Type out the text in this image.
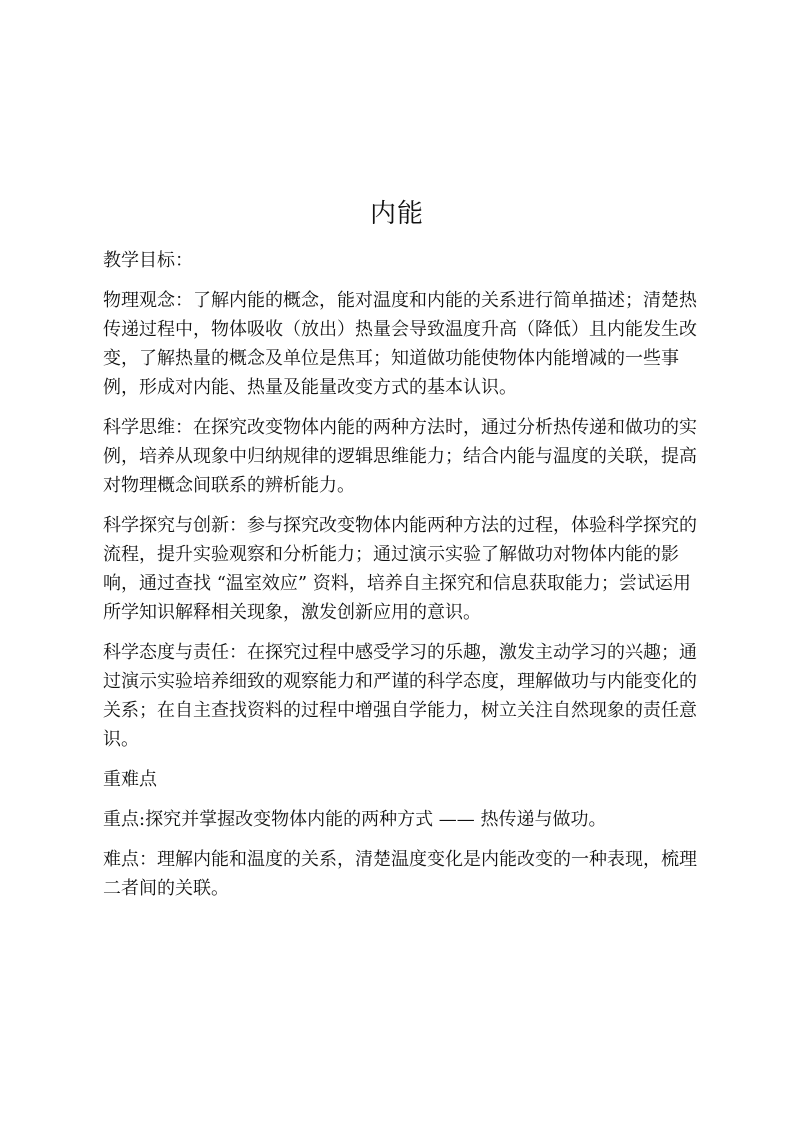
内能

教学目标：

物理观念：了解内能的概念，能对温度和内能的关系进行简单描述；清楚热传递过程中，物体吸收（放出）热量会导致温度升高（降低）且内能发生改变，了解热量的概念及单位是焦耳；知道做功能使物体内能增减的一些事例，形成对内能、热量及能量改变方式的基本认识。

科学思维：在探究改变物体内能的两种方法时，通过分析热传递和做功的实例，培养从现象中归纳规律的逻辑思维能力；结合内能与温度的关联，提高对物理概念间联系的辨析能力。

科学探究与创新：参与探究改变物体内能两种方法的过程，体验科学探究的流程，提升实验观察和分析能力；通过演示实验了解做功对物体内能的影响，通过查找 “温室效应” 资料，培养自主探究和信息获取能力；尝试运用所学知识解释相关现象，激发创新应用的意识。

科学态度与责任：在探究过程中感受学习的乐趣，激发主动学习的兴趣；通过演示实验培养细致的观察能力和严谨的科学态度，理解做功与内能变化的关系；在自主查找资料的过程中增强自学能力，树立关注自然现象的责任意识。

重难点

重点:探究并掌握改变物体内能的两种方式 —— 热传递与做功。

难点：理解内能和温度的关系，清楚温度变化是内能改变的一种表现，梳理二者间的关联。
